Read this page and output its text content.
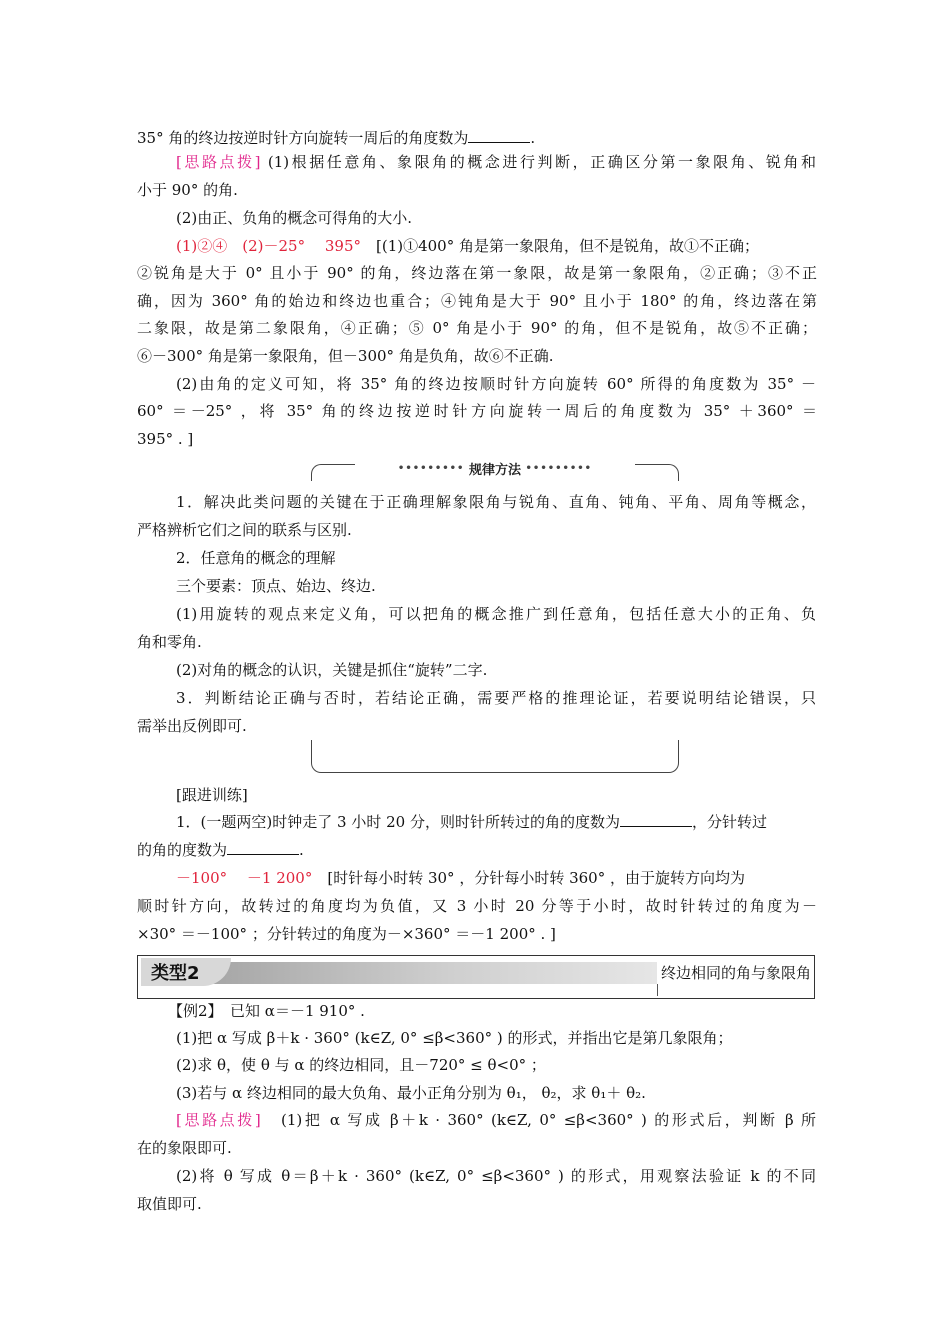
35° 角的终边按逆时针方向旋转一周后的角度数为	.
[思路点拨] (1)根据任意角、象限角的概念进行判断，正确区分第一象限角、锐角和
小于 90° 的角.
(2)由正、负角的概念可得角的大小.
(1)②④　(2)－25°　 395°　[(1)①400° 角是第一象限角，但不是锐角，故①不正确；
②锐角是大于 0° 且小于 90° 的角，终边落在第一象限，故是第一象限角，②正确；③不正
确，因为 360° 角的始边和终边也重合；④钝角是大于 90° 且小于 180° 的角，终边落在第
二象限，故是第二象限角，④正确；⑤ 0° 角是小于 90° 的角，但不是锐角，故⑤不正确；
⑥－300° 角是第一象限角，但－300° 角是负角，故⑥不正确.
(2)由角的定义可知，将 35° 角的终边按顺时针方向旋转 60° 所得的角度数为 35° －
60° ＝－25° ，将 35° 角的终边按逆时针方向旋转一周后的角度数为 35° ＋360° ＝
395° . ]
•••••••••
规律方法
•••••••••
1．解决此类问题的关键在于正确理解象限角与锐角、直角、钝角、平角、周角等概念，
严格辨析它们之间的联系与区别.
2．任意角的概念的理解
三个要素：顶点、始边、终边.
(1)用旋转的观点来定义角，可以把角的概念推广到任意角，包括任意大小的正角、负
角和零角.
(2)对角的概念的认识，关键是抓住“旋转”二字.
3．判断结论正确与否时，若结论正确，需要严格的推理论证，若要说明结论错误，只
需举出反例即可.
[跟进训练]
1．(一题两空)时钟走了 3 小时 20 分，则时针所转过的角的度数为	，分针转过
的角的度数为	.
－100°　 －1 200°　[时针每小时转 30° ，分针每小时转 360° ，由于旋转方向均为
顺时针方向，故转过的角度均为负值，又 3 小时 20 分等于小时，故时针转过的角度为－
×30° ＝－100° ；分针转过的角度为－×360° ＝－1 200° . ]
类型2	终边相同的角与象限角
【例2】　已知 α＝－1 910° .
(1)把 α 写成 β＋k · 360° (k∈Z, 0° ≤β<360° ) 的形式，并指出它是第几象限角；
(2)求 θ，使 θ 与 α 的终边相同，且－720° ≤ θ<0° ；
(3)若与 α 终边相同的最大负角、最小正角分别为 θ₁， θ₂，求 θ₁＋ θ₂.
[思路点拨]　(1)把 α 写成 β＋k · 360° (k∈Z, 0° ≤β<360° ) 的形式后，判断 β 所
在的象限即可.
(2)将 θ 写成 θ＝β＋k · 360° (k∈Z, 0° ≤β<360° ) 的形式，用观察法验证 k 的不同
取值即可.
